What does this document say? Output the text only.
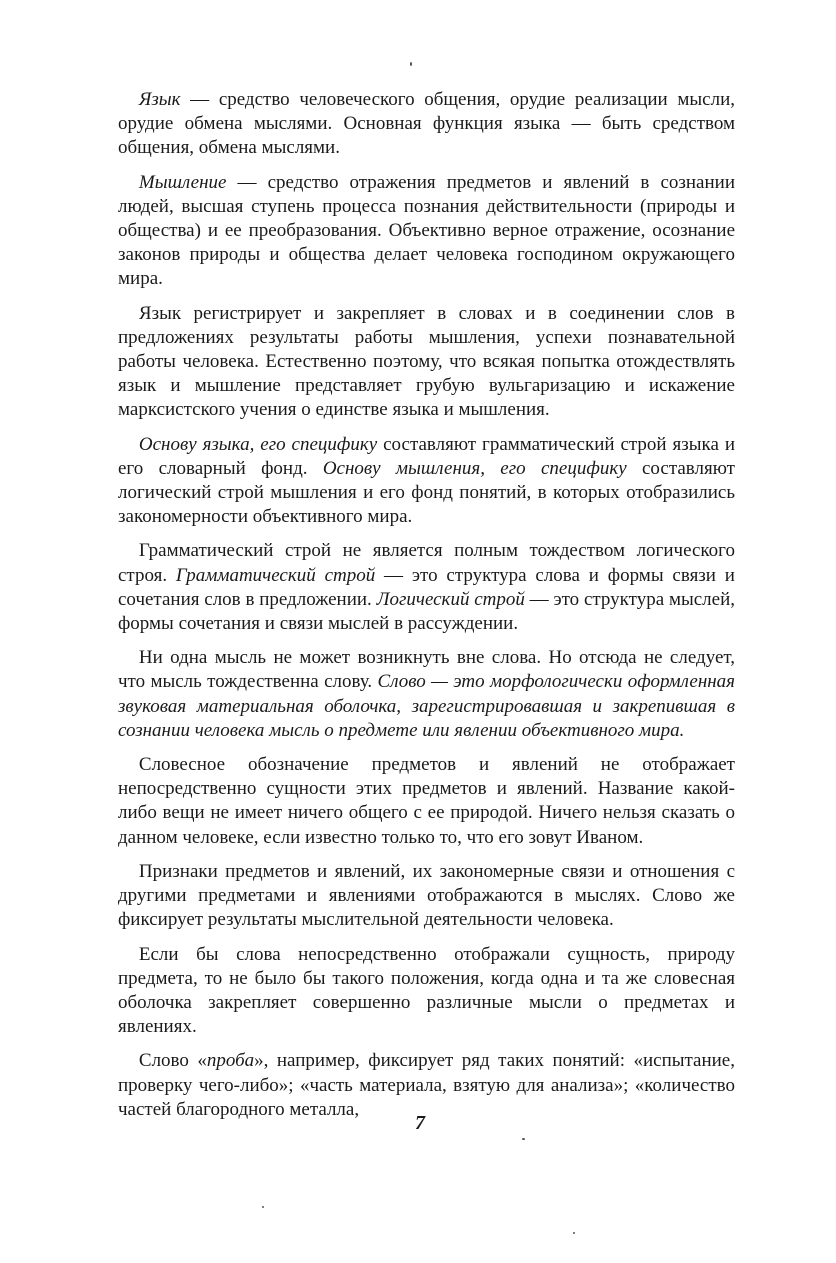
Язык — средство человеческого общения, орудие реализации мысли, орудие обмена мыслями. Основная функция языка — быть средством общения, обмена мыслями.

Мышление — средство отражения предметов и явлений в сознании людей, высшая ступень процесса познания действительности (природы и общества) и ее преобразования. Объективно верное отражение, осознание законов природы и общества делает человека господином окружающего мира.

Язык регистрирует и закрепляет в словах и в соединении слов в предложениях результаты работы мышления, успехи познавательной работы человека. Естественно поэтому, что всякая попытка отождествлять язык и мышление представляет грубую вульгаризацию и искажение марксистского учения о единстве языка и мышления.

Основу языка, его специфику составляют грамматический строй языка и его словарный фонд. Основу мышления, его специфику составляют логический строй мышления и его фонд понятий, в которых отобразились закономерности объективного мира.

Грамматический строй не является полным тождеством логического строя. Грамматический строй — это структура слова и формы связи и сочетания слов в предложении. Логический строй — это структура мыслей, формы сочетания и связи мыслей в рассуждении.

Ни одна мысль не может возникнуть вне слова. Но отсюда не следует, что мысль тождественна слову. Слово — это морфологически оформленная звуковая материальная оболочка, зарегистрировавшая и закрепившая в сознании человека мысль о предмете или явлении объективного мира.

Словесное обозначение предметов и явлений не отображает непосредственно сущности этих предметов и явлений. Название какой-либо вещи не имеет ничего общего с ее природой. Ничего нельзя сказать о данном человеке, если известно только то, что его зовут Иваном.

Признаки предметов и явлений, их закономерные связи и отношения с другими предметами и явлениями отображаются в мыслях. Слово же фиксирует результаты мыслительной деятельности человека.

Если бы слова непосредственно отображали сущность, природу предмета, то не было бы такого положения, когда одна и та же словесная оболочка закрепляет совершенно различные мысли о предметах и явлениях.

Слово «проба», например, фиксирует ряд таких понятий: «испытание, проверку чего-либо»; «часть материала, взятую для анализа»; «количество частей благородного металла,

7
